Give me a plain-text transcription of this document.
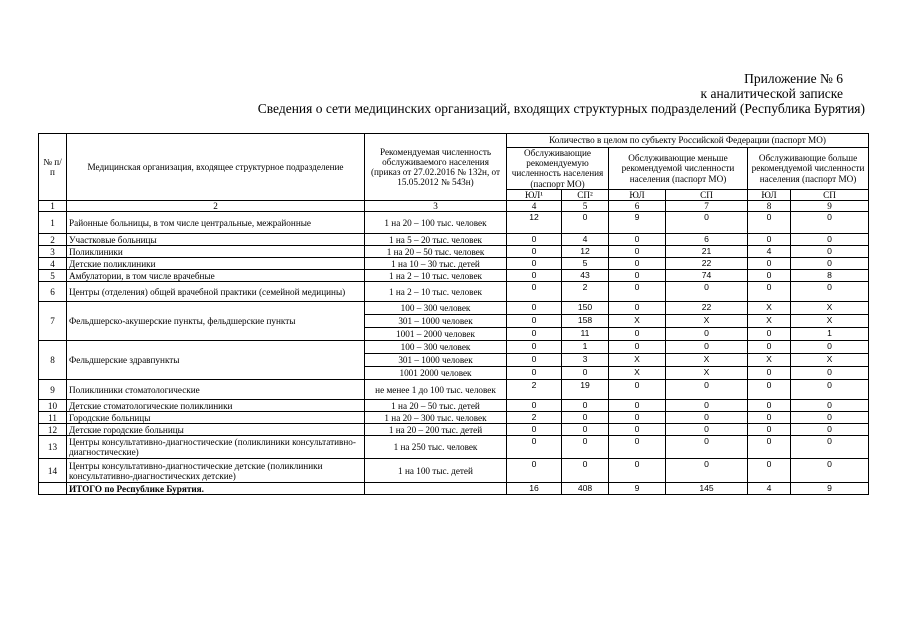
Приложение № 6
к аналитической записке
Сведения о сети медицинских организаций, входящих структурных подразделений (Республика Бурятия)
№ п/п	Медицинская организация, входящее структурное подразделение	Рекомендуемая численность обслуживаемого населения (приказ от 27.02.2016 № 132н, от 15.05.2012 № 543н)	Количество в целом по субъекту Российской Федерации (паспорт МО)					
			Обслуживающие рекомендуемую численность населения (паспорт МО)		Обслуживающие меньше рекомендуемой численности населения (паспорт МО)		Обслуживающие больше рекомендуемой численности населения (паспорт МО)	
			ЮЛ¹	СП²	ЮЛ	СП	ЮЛ	СП
1	2	3	4	5	6	7	8	9
1	Районные больницы, в том числе центральные, межрайонные	1 на 20 – 100 тыс. человек	12	0	9	0	0	0
2	Участковые больницы	1 на 5 – 20 тыс. человек	0	4	0	6	0	0
3	Поликлиники	1 на 20 – 50 тыс. человек	0	12	0	21	4	0
4	Детские поликлиники	1 на 10 – 30 тыс. детей	0	5	0	22	0	0
5	Амбулатории, в том числе врачебные	1 на 2 – 10 тыс. человек	0	43	0	74	0	8
6	Центры (отделения) общей врачебной практики (семейной медицины)	1 на 2 – 10 тыс. человек	0	2	0	0	0	0
7	Фельдшерско-акушерские пункты, фельдшерские пункты	100 – 300 человек	0	150	0	22	X	X
		301 – 1000 человек	0	158	X	X	X	X
		1001 – 2000 человек	0	11	0	0	0	1
8	Фельдшерские здравпункты	100 – 300 человек	0	1	0	0	0	0
		301 – 1000 человек	0	3	X	X	X	X
		1001 2000 человек	0	0	X	X	0	0
9	Поликлиники стоматологические	не менее 1 до 100 тыс. человек	2	19	0	0	0	0
10	Детские стоматологические поликлиники	1 на 20 – 50 тыс. детей	0	0	0	0	0	0
11	Городские больницы	1 на 20 – 300 тыс. человек	2	0	0	0	0	0
12	Детские городские больницы	1 на 20 – 200 тыс. детей	0	0	0	0	0	0
13	Центры консультативно-диагностические (поликлиники консультативно-диагностические)	1 на 250 тыс. человек	0	0	0	0	0	0
14	Центры консультативно-диагностические детские (поликлиники консультативно-диагностических детские)	1 на 100 тыс. детей	0	0	0	0	0	0
	ИТОГО по Республике Бурятия.		16	408	9	145	4	9
